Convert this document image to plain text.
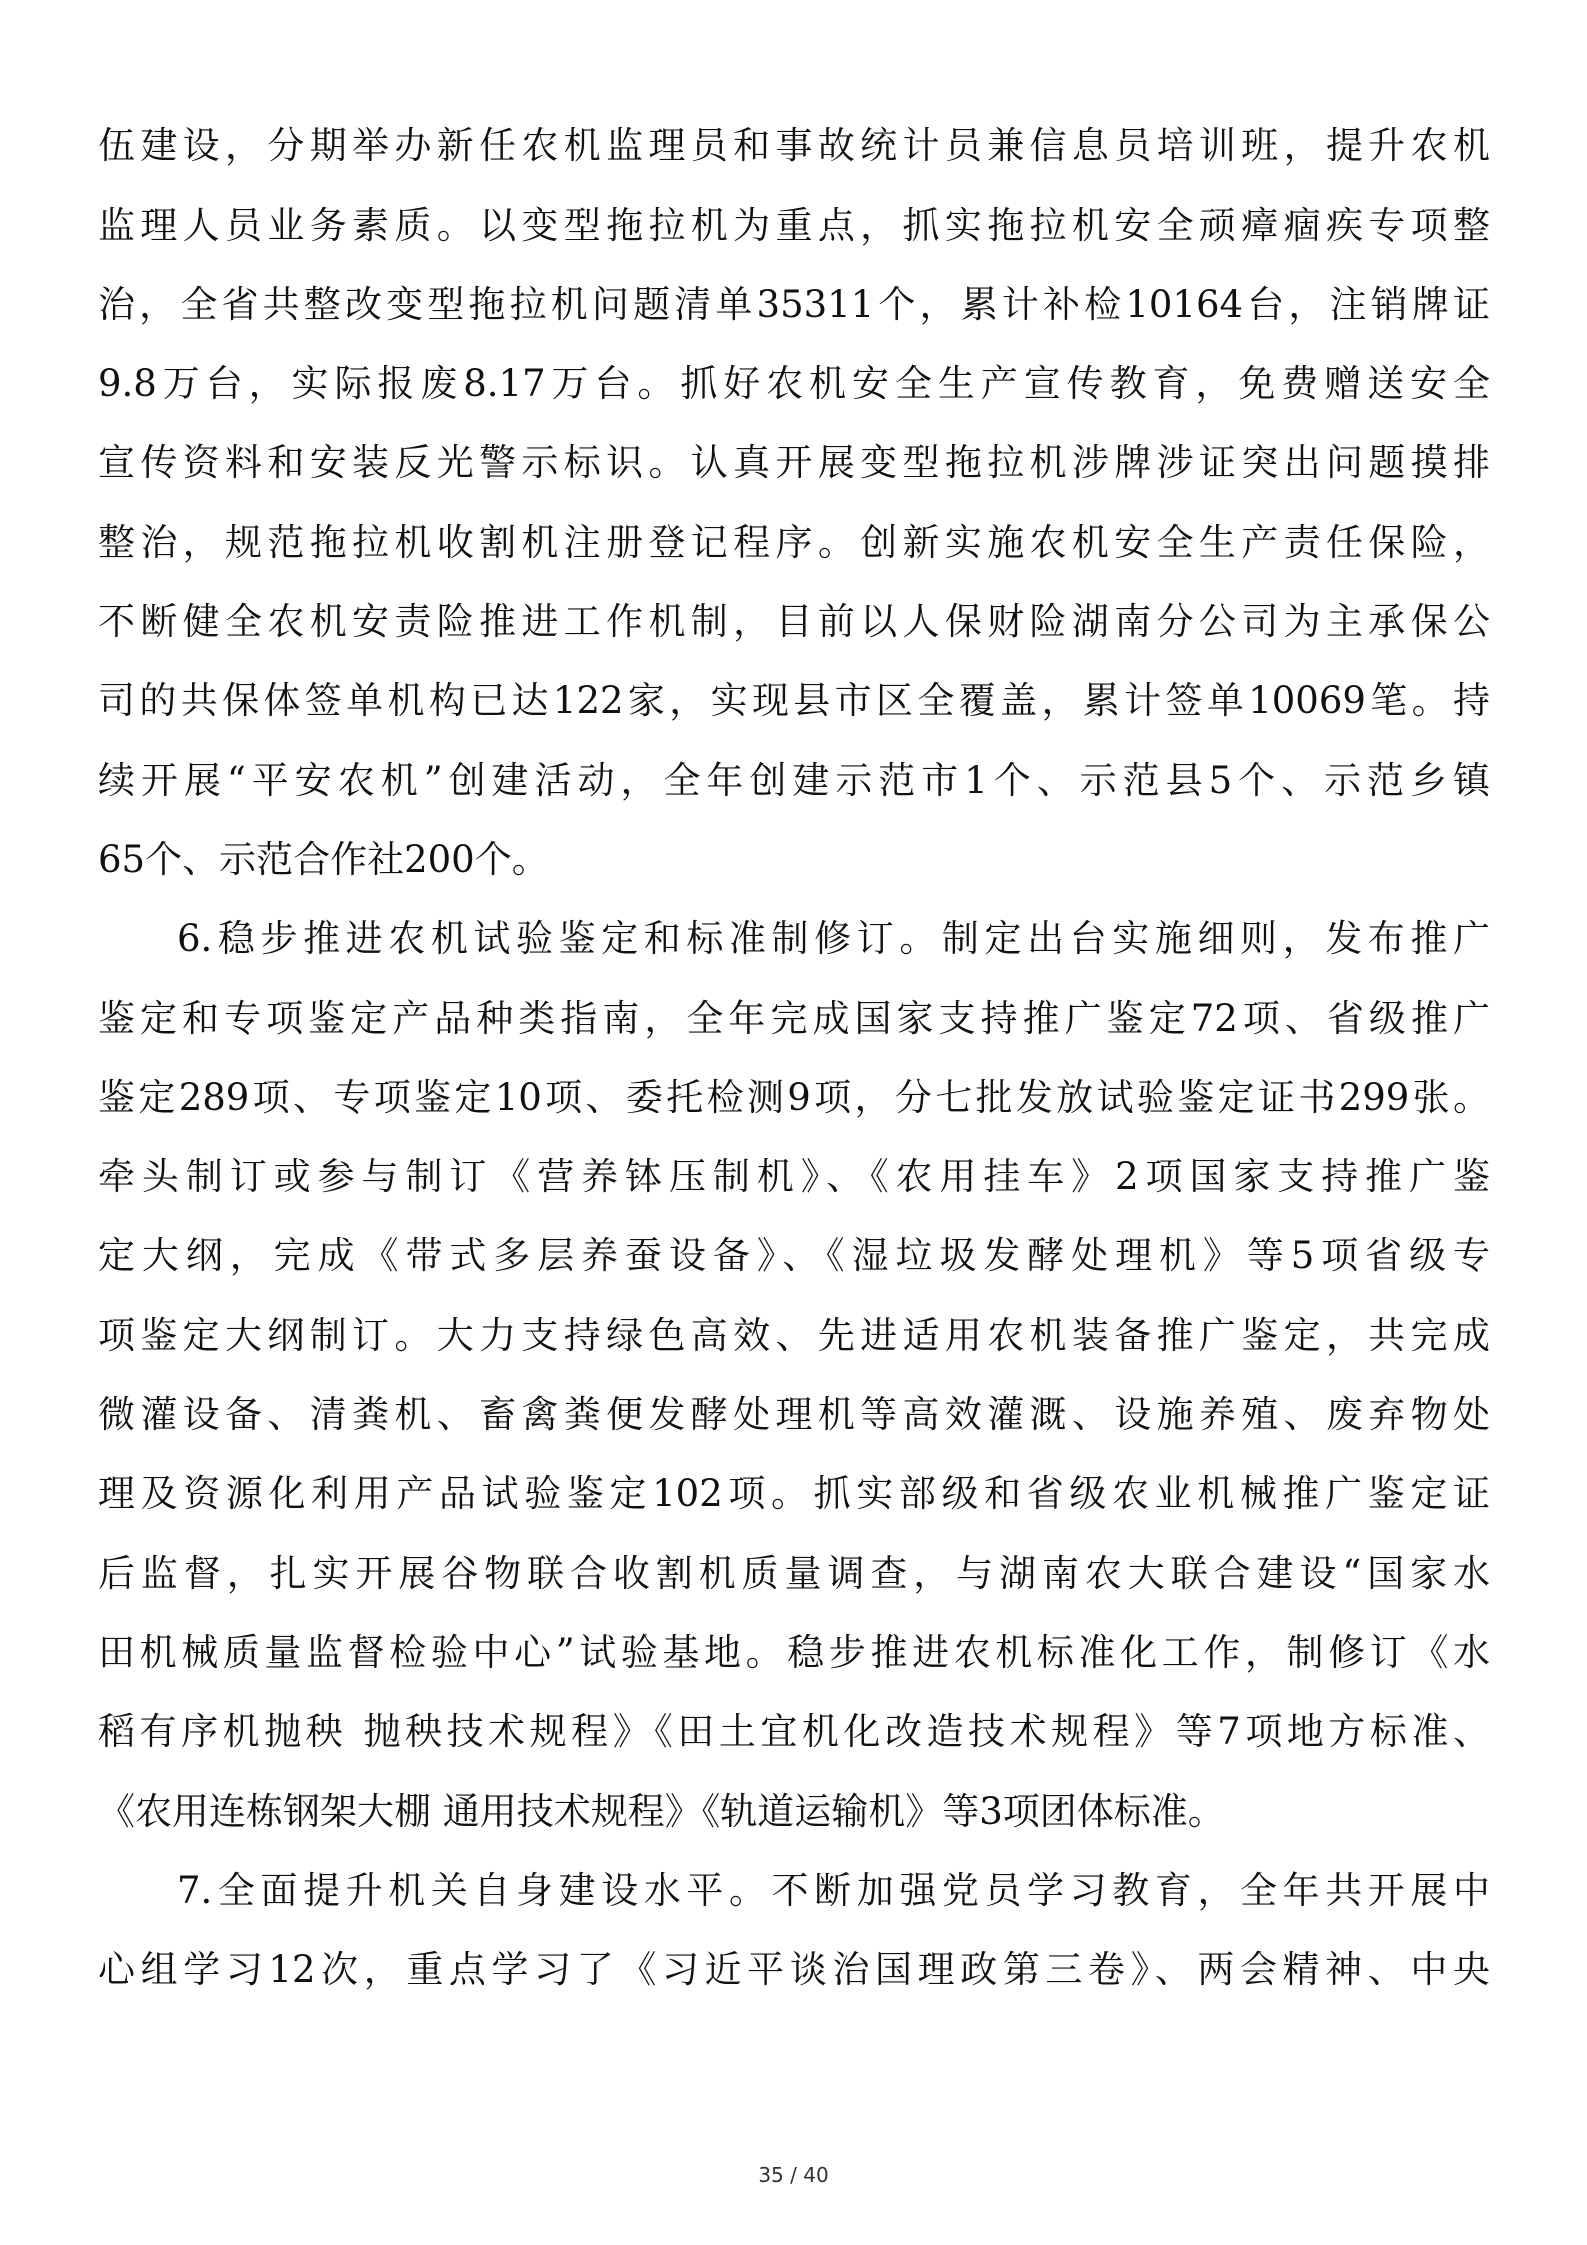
伍建设，分期举办新任农机监理员和事故统计员兼信息员培训班，提升农机
监理人员业务素质。以变型拖拉机为重点，抓实拖拉机安全顽瘴痼疾专项整
治，全省共整改变型拖拉机问题清单35311个，累计补检10164台，注销牌证
9.8万台，实际报废8.17万台。抓好农机安全生产宣传教育，免费赠送安全
宣传资料和安装反光警示标识。认真开展变型拖拉机涉牌涉证突出问题摸排
整治，规范拖拉机收割机注册登记程序。创新实施农机安全生产责任保险，
不断健全农机安责险推进工作机制，目前以人保财险湖南分公司为主承保公
司的共保体签单机构已达122家，实现县市区全覆盖，累计签单10069笔。持
续开展“平安农机”创建活动，全年创建示范市1个、示范县5个、示范乡镇
65个、示范合作社200个。
6.稳步推进农机试验鉴定和标准制修订。制定出台实施细则，发布推广
鉴定和专项鉴定产品种类指南，全年完成国家支持推广鉴定72项、省级推广
鉴定289项、专项鉴定10项、委托检测9项，分七批发放试验鉴定证书299张。
牵头制订或参与制订《营养钵压制机》、《农用挂车》2项国家支持推广鉴
定大纲，完成《带式多层养蚕设备》、《湿垃圾发酵处理机》等5项省级专
项鉴定大纲制订。大力支持绿色高效、先进适用农机装备推广鉴定，共完成
微灌设备、清粪机、畜禽粪便发酵处理机等高效灌溉、设施养殖、废弃物处
理及资源化利用产品试验鉴定102项。抓实部级和省级农业机械推广鉴定证
后监督，扎实开展谷物联合收割机质量调查，与湖南农大联合建设“国家水
田机械质量监督检验中心”试验基地。稳步推进农机标准化工作，制修订《水
稻有序机抛秧 抛秧技术规程》《田土宜机化改造技术规程》等7项地方标准、
《农用连栋钢架大棚 通用技术规程》《轨道运输机》等3项团体标准。
7.全面提升机关自身建设水平。不断加强党员学习教育，全年共开展中
心组学习12次，重点学习了《习近平谈治国理政第三卷》、两会精神、中央
35 / 40
